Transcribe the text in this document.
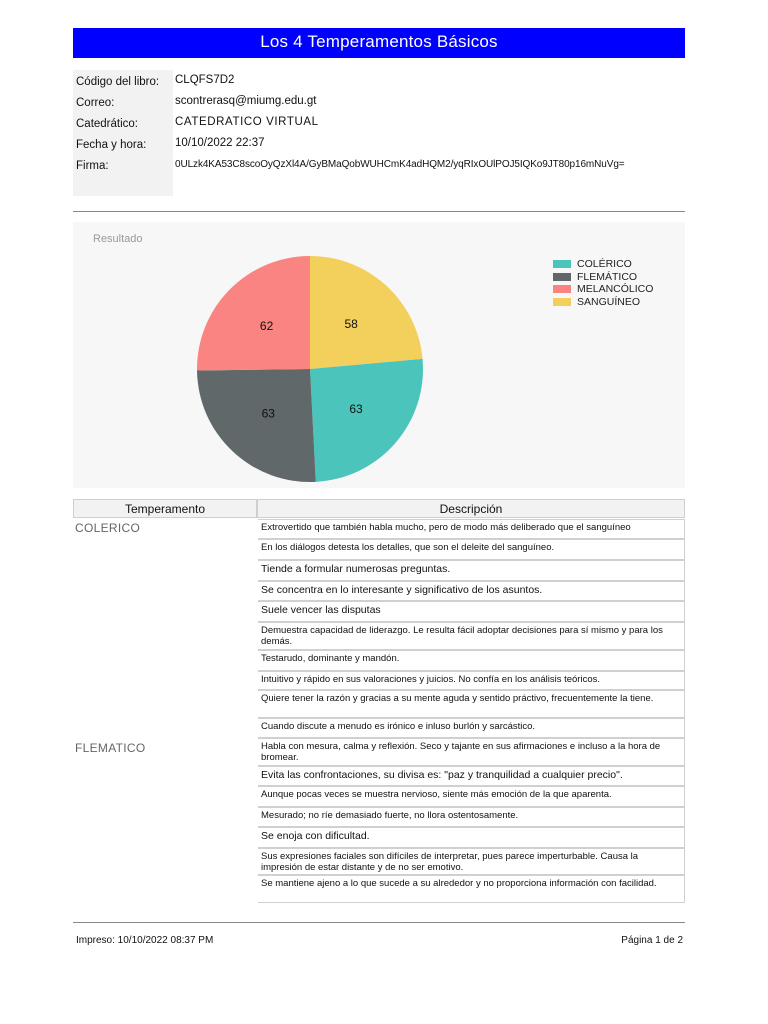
Los 4 Temperamentos Básicos
Código del libro: CLQFS7D2
Correo:	scontrerasq@miumg.edu.gt
Catedrático:	CATEDRATICO VIRTUAL
Fecha y hora: 10/10/2022 22:37
Firma:	0ULzk4KA53C8scoOyQzXl4A/GyBMaQobWUHCmK4adHQM2/yqRIxOUlPOJ5IQKo9JT80p16mNuVg=
Resultado
58
63
63
62
COLÉRICO
FLEMÁTICO
MELANCÓLICO
SANGUÍNEO
Temperamento	Descripción
COLERICO	Extrovertido que también habla mucho, pero de modo más deliberado que el sanguíneo
En los diálogos detesta los detalles, que son el deleite del sanguíneo.
Tiende a formular numerosas preguntas.
Se concentra en lo interesante y significativo de los asuntos.
Suele vencer las disputas
Demuestra capacidad de liderazgo. Le resulta fácil adoptar decisiones para sí mismo y para los demás.
Testarudo, dominante y mandón.
Intuitivo y rápido en sus valoraciones y juicios. No confía en los análisis teóricos.
Quiere tener la razón y gracias a su mente aguda y sentido práctivo, frecuentemente la tiene.
Cuando discute a menudo es irónico e inluso burlón y sarcástico.
FLEMATICO	Habla con mesura, calma y reflexión. Seco y tajante en sus afirmaciones e incluso a la hora de bromear.
Evita las confrontaciones, su divisa es: "paz y tranquilidad a cualquier precio".
Aunque pocas veces se muestra nervioso, siente más emoción de la que aparenta.
Mesurado; no ríe demasiado fuerte, no llora ostentosamente.
Se enoja con dificultad.
Sus expresiones faciales son difíciles de interpretar, pues parece imperturbable. Causa la impresión de estar distante y de no ser emotivo.
Se mantiene ajeno a lo que sucede a su alrededor y no proporciona información con facilidad.
Impreso: 10/10/2022 08:37 PM	Página 1 de 2
